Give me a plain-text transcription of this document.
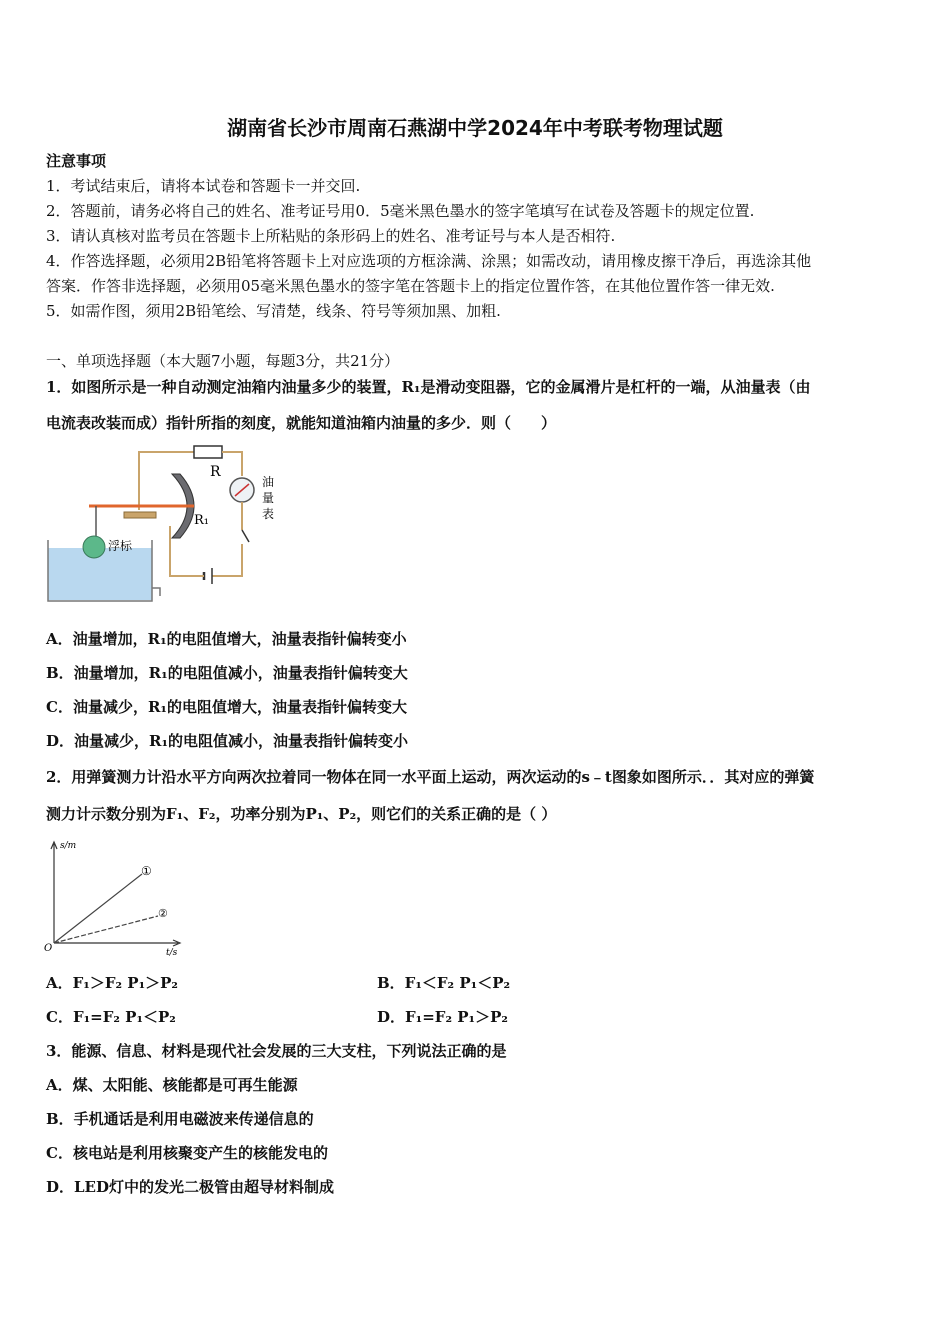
湖南省长沙市周南石燕湖中学2024年中考联考物理试题
注意事项
1．考试结束后，请将本试卷和答题卡一并交回.
2．答题前，请务必将自己的姓名、准考证号用0．5毫米黑色墨水的签字笔填写在试卷及答题卡的规定位置.
3．请认真核对监考员在答题卡上所粘贴的条形码上的姓名、准考证号与本人是否相符.
4．作答选择题，必须用2B铅笔将答题卡上对应选项的方框涂满、涂黑；如需改动，请用橡皮擦干净后，再选涂其他
答案．作答非选择题，必须用05毫米黑色墨水的签字笔在答题卡上的指定位置作答，在其他位置作答一律无效.
5．如需作图，须用2B铅笔绘、写清楚，线条、符号等须加黑、加粗.
一、单项选择题（本大题7小题，每题3分，共21分）
1．如图所示是一种自动测定油箱内油量多少的装置，R₁是滑动变阻器，它的金属滑片是杠杆的一端，从油量表（由
电流表改装而成）指针所指的刻度，就能知道油箱内油量的多少．则（　　）
R
R₁
浮标
油
量
表
A．油量增加，R₁的电阻值增大，油量表指针偏转变小
B．油量增加，R₁的电阻值减小，油量表指针偏转变大
C．油量减少，R₁的电阻值增大，油量表指针偏转变大
D．油量减少，R₁的电阻值减小，油量表指针偏转变小
2．用弹簧测力计沿水平方向两次拉着同一物体在同一水平面上运动，两次运动的s﹣t图象如图所示．．其对应的弹簧
测力计示数分别为F₁、F₂，功率分别为P₁、P₂，则它们的关系正确的是（ ）
s/m
t/s
O
①
②
A．F₁＞F₂ P₁＞P₂	B．F₁＜F₂ P₁＜P₂
C．F₁=F₂ P₁＜P₂	D．F₁=F₂ P₁＞P₂
3．能源、信息、材料是现代社会发展的三大支柱，下列说法正确的是
A．煤、太阳能、核能都是可再生能源
B．手机通话是利用电磁波来传递信息的
C．核电站是利用核聚变产生的核能发电的
D．LED灯中的发光二极管由超导材料制成
